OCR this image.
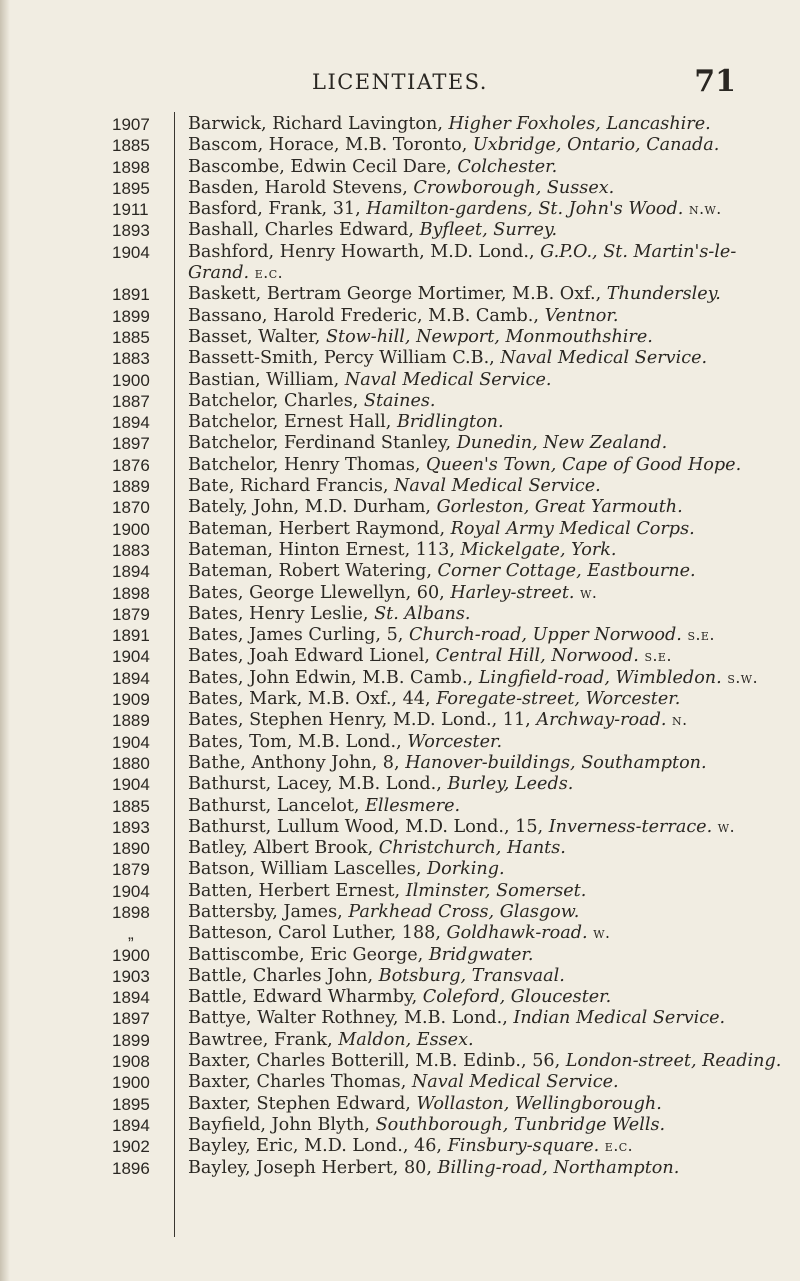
LICENTIATES.	71
1907	Barwick, Richard Lavington, Higher Foxholes, Lancashire.
1885	Bascom, Horace, M.B. Toronto, Uxbridge, Ontario, Canada.
1898	Bascombe, Edwin Cecil Dare, Colchester.
1895	Basden, Harold Stevens, Crowborough, Sussex.
1911	Basford, Frank, 31, Hamilton-gardens, St. John's Wood. n.w.
1893	Bashall, Charles Edward, Byfleet, Surrey.
1904	Bashford, Henry Howarth, M.D. Lond., G.P.O., St. Martin's-le-
Grand. e.c.
1891	Baskett, Bertram George Mortimer, M.B. Oxf., Thundersley.
1899	Bassano, Harold Frederic, M.B. Camb., Ventnor.
1885	Basset, Walter, Stow-hill, Newport, Monmouthshire.
1883	Bassett-Smith, Percy William C.B., Naval Medical Service.
1900	Bastian, William, Naval Medical Service.
1887	Batchelor, Charles, Staines.
1894	Batchelor, Ernest Hall, Bridlington.
1897	Batchelor, Ferdinand Stanley, Dunedin, New Zealand.
1876	Batchelor, Henry Thomas, Queen's Town, Cape of Good Hope.
1889	Bate, Richard Francis, Naval Medical Service.
1870	Bately, John, M.D. Durham, Gorleston, Great Yarmouth.
1900	Bateman, Herbert Raymond, Royal Army Medical Corps.
1883	Bateman, Hinton Ernest, 113, Mickelgate, York.
1894	Bateman, Robert Watering, Corner Cottage, Eastbourne.
1898	Bates, George Llewellyn, 60, Harley-street. w.
1879	Bates, Henry Leslie, St. Albans.
1891	Bates, James Curling, 5, Church-road, Upper Norwood. s.e.
1904	Bates, Joah Edward Lionel, Central Hill, Norwood. s.e.
1894	Bates, John Edwin, M.B. Camb., Lingfield-road, Wimbledon. s.w.
1909	Bates, Mark, M.B. Oxf., 44, Foregate-street, Worcester.
1889	Bates, Stephen Henry, M.D. Lond., 11, Archway-road. n.
1904	Bates, Tom, M.B. Lond., Worcester.
1880	Bathe, Anthony John, 8, Hanover-buildings, Southampton.
1904	Bathurst, Lacey, M.B. Lond., Burley, Leeds.
1885	Bathurst, Lancelot, Ellesmere.
1893	Bathurst, Lullum Wood, M.D. Lond., 15, Inverness-terrace. w.
1890	Batley, Albert Brook, Christchurch, Hants.
1879	Batson, William Lascelles, Dorking.
1904	Batten, Herbert Ernest, Ilminster, Somerset.
1898	Battersby, James, Parkhead Cross, Glasgow.
„	Batteson, Carol Luther, 188, Goldhawk-road. w.
1900	Battiscombe, Eric George, Bridgwater.
1903	Battle, Charles John, Botsburg, Transvaal.
1894	Battle, Edward Wharmby, Coleford, Gloucester.
1897	Battye, Walter Rothney, M.B. Lond., Indian Medical Service.
1899	Bawtree, Frank, Maldon, Essex.
1908	Baxter, Charles Botterill, M.B. Edinb., 56, London-street, Reading.
1900	Baxter, Charles Thomas, Naval Medical Service.
1895	Baxter, Stephen Edward, Wollaston, Wellingborough.
1894	Bayfield, John Blyth, Southborough, Tunbridge Wells.
1902	Bayley, Eric, M.D. Lond., 46, Finsbury-square. e.c.
1896	Bayley, Joseph Herbert, 80, Billing-road, Northampton.
